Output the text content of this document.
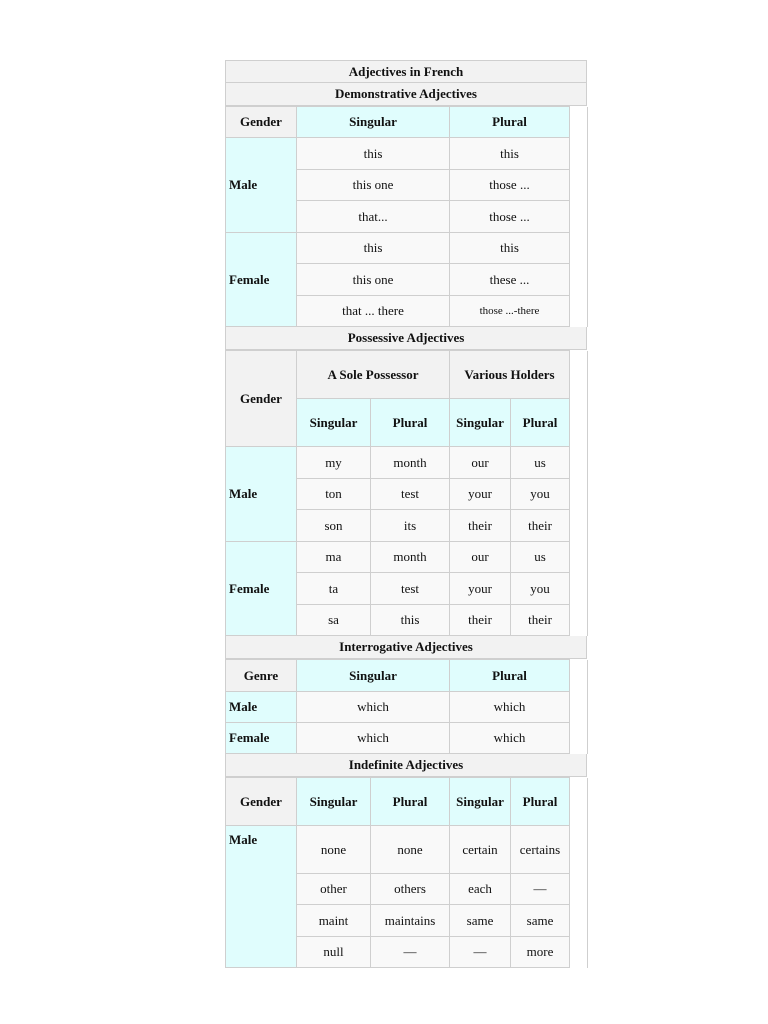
Adjectives in French
Demonstrative Adjectives
Gender	Singular	Plural	
Male	this	this	
	this one	those ...	
	that...	those ...	
Female	this	this	
	this one	these ...	
	that ... there	those ...-there	
Possessive Adjectives
Gender	A Sole Possessor		Various Holders		
	Singular	Plural	Singular	Plural	
Male	my	month	our	us	
	ton	test	your	you	
	son	its	their	their	
Female	ma	month	our	us	
	ta	test	your	you	
	sa	this	their	their	
Interrogative Adjectives
Genre	Singular	Plural	
Male	which	which	
Female	which	which	
Indefinite Adjectives
Gender	Singular	Plural	Singular	Plural	
Male	none	none	certain	certains	
	other	others	each	—	
	maint	maintains	same	same	
	null	—	—	more	
